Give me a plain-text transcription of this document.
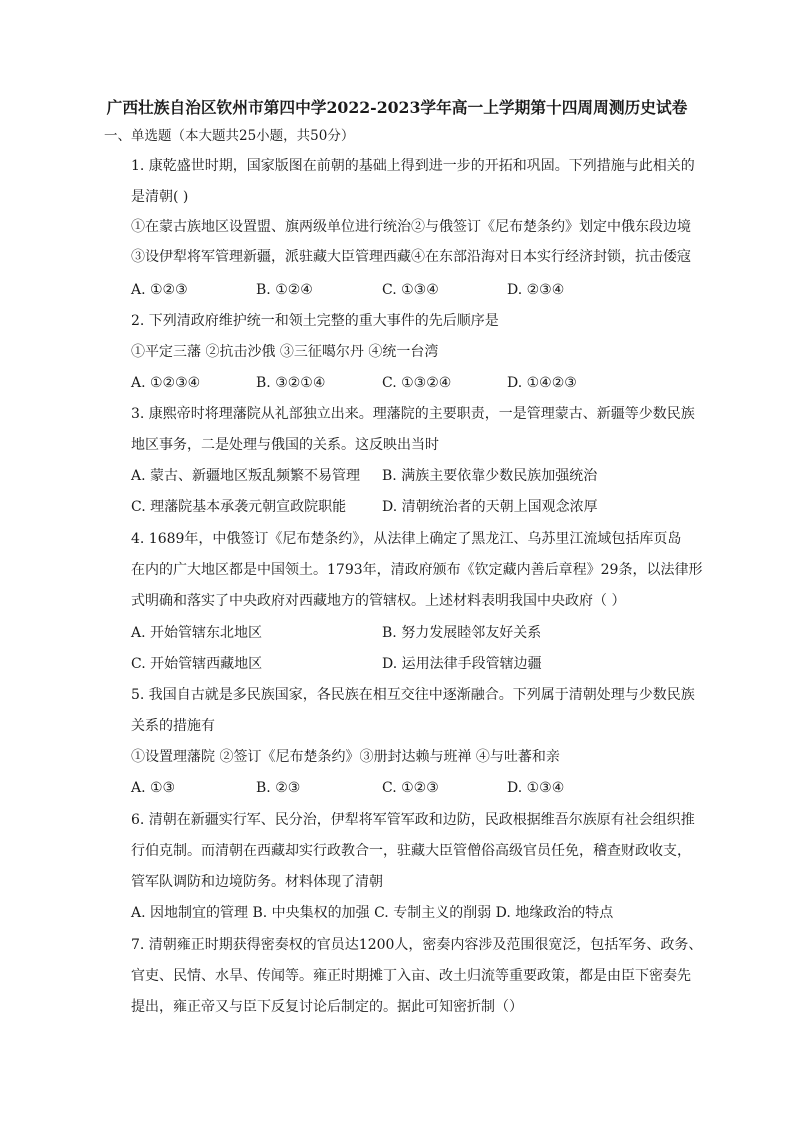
广西壮族自治区钦州市第四中学2022-2023学年高一上学期第十四周周测历史试卷
一、单选题（本大题共25小题，共50分）
1. 康乾盛世时期，国家版图在前朝的基础上得到进一步的开拓和巩固。下列措施与此相关的
是清朝( )
①在蒙古族地区设置盟、旗两级单位进行统治②与俄签订《尼布楚条约》划定中俄东段边境
③设伊犁将军管理新疆，派驻藏大臣管理西藏④在东部沿海对日本实行经济封锁，抗击倭寇
A. ①②③	B. ①②④	C. ①③④	D. ②③④
2. 下列清政府维护统一和领土完整的重大事件的先后顺序是
①平定三藩 ②抗击沙俄 ③三征噶尔丹 ④统一台湾
A. ①②③④	B. ③②①④	C. ①③②④	D. ①④②③
3. 康熙帝时将理藩院从礼部独立出来。理藩院的主要职责，一是管理蒙古、新疆等少数民族
地区事务，二是处理与俄国的关系。这反映出当时
A. 蒙古、新疆地区叛乱频繁不易管理 B. 满族主要依靠少数民族加强统治
C. 理藩院基本承袭元朝宣政院职能	D. 清朝统治者的天朝上国观念浓厚
4. 1689年，中俄签订《尼布楚条约》，从法律上确定了黑龙江、乌苏里江流域包括库页岛
在内的广大地区都是中国领土。1793年，清政府颁布《钦定藏内善后章程》29条，以法律形
式明确和落实了中央政府对西藏地方的管辖权。上述材料表明我国中央政府（ ）
A. 开始管辖东北地区	B. 努力发展睦邻友好关系
C. 开始管辖西藏地区	D. 运用法律手段管辖边疆
5. 我国自古就是多民族国家，各民族在相互交往中逐渐融合。下列属于清朝处理与少数民族
关系的措施有
①设置理藩院 ②签订《尼布楚条约》③册封达赖与班禅 ④与吐蕃和亲
A. ①③	B. ②③	C. ①②③	D. ①③④
6. 清朝在新疆实行军、民分治，伊犁将军管军政和边防，民政根据维吾尔族原有社会组织推
行伯克制。而清朝在西藏却实行政教合一，驻藏大臣管僧俗高级官员任免，稽查财政收支，
管军队调防和边境防务。材料体现了清朝
A. 因地制宜的管理 B. 中央集权的加强 C. 专制主义的削弱 D. 地缘政治的特点
7. 清朝雍正时期获得密奏权的官员达1200人，密奏内容涉及范围很宽泛，包括军务、政务、
官吏、民情、水旱、传闻等。雍正时期摊丁入亩、改土归流等重要政策，都是由臣下密奏先
提出，雍正帝又与臣下反复讨论后制定的。据此可知密折制（）
